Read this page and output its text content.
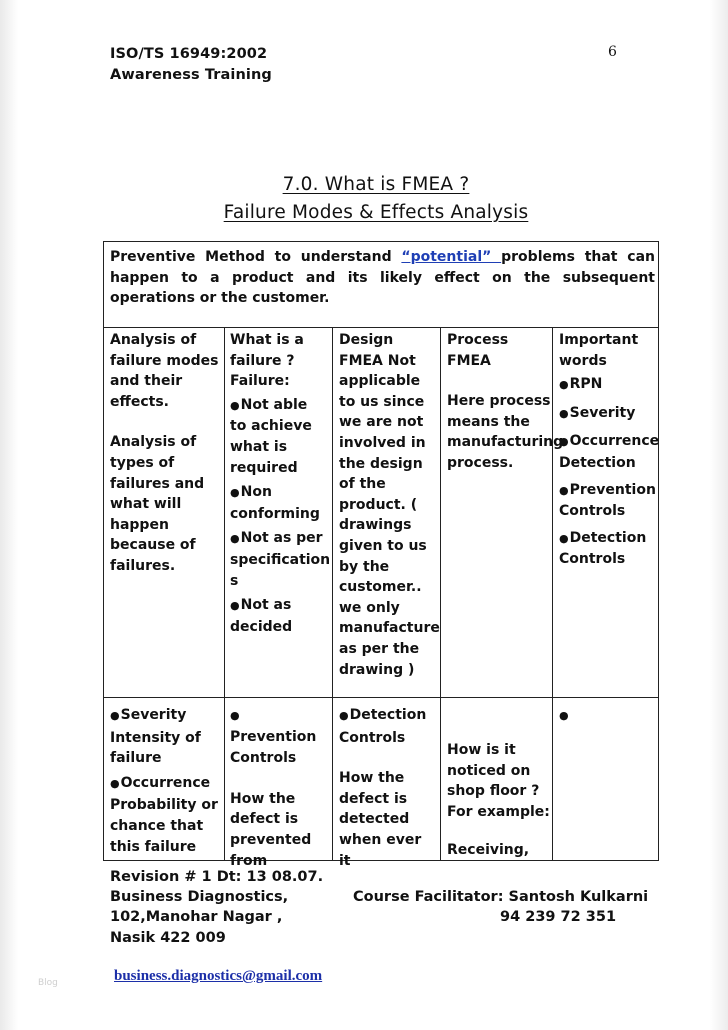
ISO/TS 16949:2002
Awareness Training
6
7.0. What is FMEA ?
Failure Modes & Effects Analysis
Preventive Method to understand “potential” problems that can happen to a product and its likely effect on the subsequent operations or the customer.

Analysis of failure modes and their effects.

Analysis of types of failures and what will happen because of failures.

What is a failure ? Failure:

● Not able to achieve what is required

● Non conforming

● Not as per specification s

● Not as decided

Design FMEA Not applicable to us since we are not involved in the design of the product. ( drawings given to us by the customer.. we only manufacture as per the drawing )

Process FMEA

Here process means the manufacturing process.

Important words

● RPN

● Severity

● Occurrence Detection

● Prevention Controls

● Detection Controls

● Severity

Intensity of failure

● Occurrence

Probability or chance that this failure

● Prevention

Controls

How the defect is prevented from

● Detection

Controls

How the defect is detected when ever it

How is it noticed on shop floor ? For example:

Receiving,

●

Revision # 1 Dt: 13 08.07.
Business Diagnostics,
102,Manohar Nagar ,
Nasik 422 009
Course Facilitator: Santosh Kulkarni
94 239 72 351
business.diagnostics@gmail.com
Blog
